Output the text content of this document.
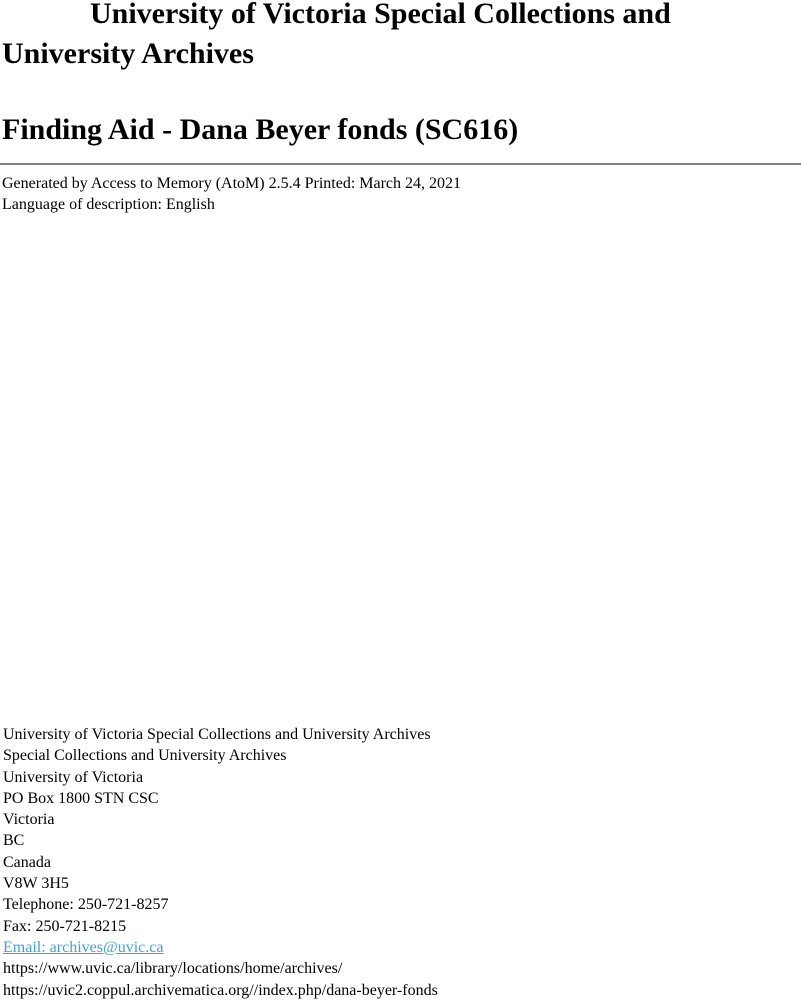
University of Victoria Special Collections and University Archives
Finding Aid - Dana Beyer fonds (SC616)

Generated by Access to Memory (AtoM) 2.5.4 Printed: March 24, 2021
Language of description: English

University of Victoria Special Collections and University Archives
Special Collections and University Archives
University of Victoria
PO Box 1800 STN CSC
Victoria
BC
Canada
V8W 3H5
Telephone: 250-721-8257
Fax: 250-721-8215
Email: archives@uvic.ca
https://www.uvic.ca/library/locations/home/archives/
https://uvic2.coppul.archivematica.org//index.php/dana-beyer-fonds
